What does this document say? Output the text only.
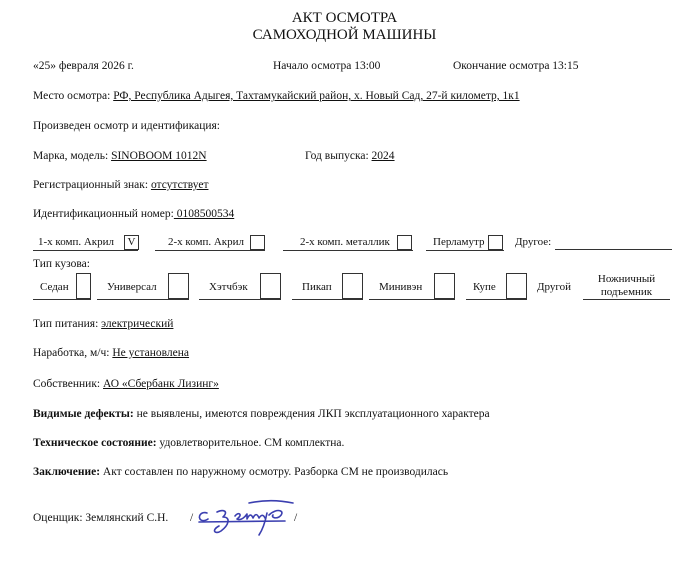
АКТ ОСМОТРА
САМОХОДНОЙ МАШИНЫ
«25» февраля 2026 г.	Начало осмотра 13:00	Окончание осмотра 13:15
Место осмотра: РФ, Республика Адыгея, Тахтамукайский район, х. Новый Сад, 27-й километр, 1к1
Произведен осмотр и идентификация:
Марка, модель: SINOBOOM 1012N	Год выпуска: 2024
Регистрационный знак: отсутствует
Идентификационный номер: 0108500534
1-х комп. Акрил	V	2-х комп. Акрил	2-х комп. металлик	Перламутр	Другое:
Тип кузова:
Седан	Универсал	Хэтчбэк	Пикап	Минивэн	Купе	Другой
Ножничный
подъемник
Тип питания: электрический
Наработка, м/ч: Не установлена
Собственник: АО «Сбербанк Лизинг»
Видимые дефекты: не выявлены, имеются повреждения ЛКП эксплуатационного характера
Техническое состояние: удовлетворительное. СМ комплектна.
Заключение: Акт составлен по наружному осмотру. Разборка СМ не производилась
Оценщик: Землянский С.Н. /	/
